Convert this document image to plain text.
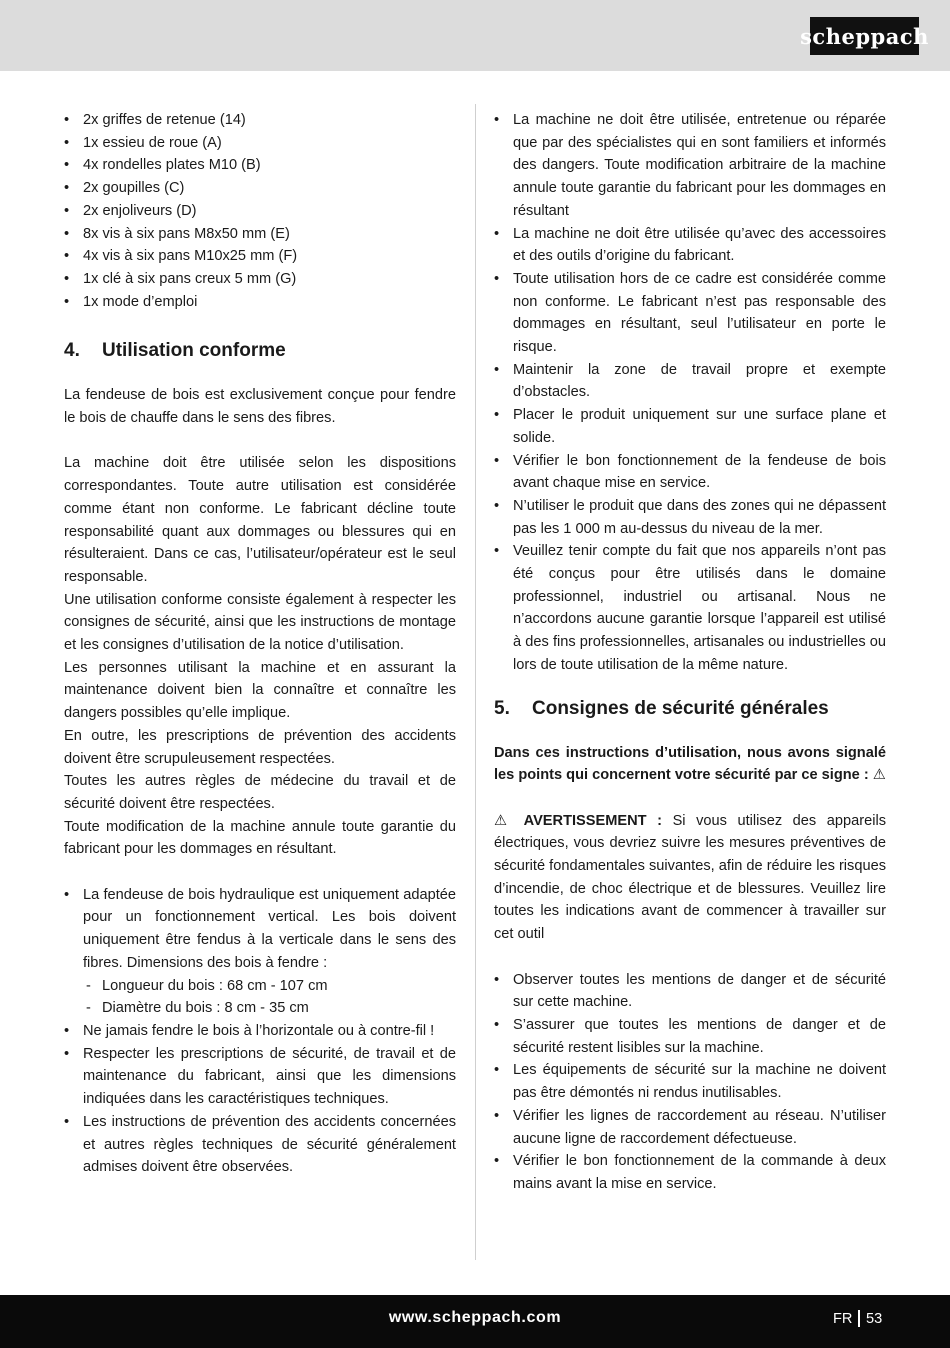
scheppach
• 2x griffes de retenue (14)
• 1x essieu de roue (A)
• 4x rondelles plates M10 (B)
• 2x goupilles (C)
• 2x enjoliveurs (D)
• 8x vis à six pans M8x50 mm (E)
• 4x vis à six pans M10x25 mm (F)
• 1x clé à six pans creux 5 mm (G)
• 1x mode d’emploi
4.	Utilisation conforme

La fendeuse de bois est exclusivement conçue pour fendre le bois de chauffe dans le sens des fibres.

La machine doit être utilisée selon les dispositions correspondantes. Toute autre utilisation est considérée comme étant non conforme. Le fabricant décline toute responsabilité quant aux dommages ou blessures qui en résulteraient. Dans ce cas, l’utilisateur/opérateur est le seul responsable.

Une utilisation conforme consiste également à respecter les consignes de sécurité, ainsi que les instructions de montage et les consignes d’utilisation de la notice d’utilisation.

Les personnes utilisant la machine et en assurant la maintenance doivent bien la connaître et connaître les dangers possibles qu’elle implique.

En outre, les prescriptions de prévention des accidents doivent être scrupuleusement respectées.

Toutes les autres règles de médecine du travail et de sécurité doivent être respectées.

Toute modification de la machine annule toute garantie du fabricant pour les dommages en résultant.

• La fendeuse de bois hydraulique est uniquement adaptée pour un fonctionnement vertical. Les bois doivent uniquement être fendus à la verticale dans le sens des fibres. Dimensions des bois à fendre :
- Longueur du bois : 68 cm - 107 cm
- Diamètre du bois : 8 cm - 35 cm
• Ne jamais fendre le bois à l’horizontale ou à contre-fil !
• Respecter les prescriptions de sécurité, de travail et de maintenance du fabricant, ainsi que les dimensions indiquées dans les caractéristiques techniques.
• Les instructions de prévention des accidents concernées et autres règles techniques de sécurité généralement admises doivent être observées.
• La machine ne doit être utilisée, entretenue ou réparée que par des spécialistes qui en sont familiers et informés des dangers. Toute modification arbitraire de la machine annule toute garantie du fabricant pour les dommages en résultant
• La machine ne doit être utilisée qu’avec des accessoires et des outils d’origine du fabricant.
• Toute utilisation hors de ce cadre est considérée comme non conforme. Le fabricant n’est pas responsable des dommages en résultant, seul l’utilisateur en porte le risque.
• Maintenir la zone de travail propre et exempte d’obstacles.
• Placer le produit uniquement sur une surface plane et solide.
• Vérifier le bon fonctionnement de la fendeuse de bois avant chaque mise en service.
• N’utiliser le produit que dans des zones qui ne dépassent pas les 1 000 m au-dessus du niveau de la mer.
• Veuillez tenir compte du fait que nos appareils n’ont pas été conçus pour être utilisés dans le domaine professionnel, industriel ou artisanal. Nous ne n’accordons aucune garantie lorsque l’appareil est utilisé à des fins professionnelles, artisanales ou industrielles ou lors de toute utilisation de la même nature.
5.	Consignes de sécurité générales

Dans ces instructions d’utilisation, nous avons signalé les points qui concernent votre sécurité par ce signe : ⚠

⚠ AVERTISSEMENT : Si vous utilisez des appareils électriques, vous devriez suivre les mesures préventives de sécurité fondamentales suivantes, afin de réduire les risques d’incendie, de choc électrique et de blessures. Veuillez lire toutes les indications avant de commencer à travailler sur cet outil

• Observer toutes les mentions de danger et de sécurité sur cette machine.
• S’assurer que toutes les mentions de danger et de sécurité restent lisibles sur la machine.
• Les équipements de sécurité sur la machine ne doivent pas être démontés ni rendus inutilisables.
• Vérifier les lignes de raccordement au réseau. N’utiliser aucune ligne de raccordement défectueuse.
• Vérifier le bon fonctionnement de la commande à deux mains avant la mise en service.
www.scheppach.com	FR 53
